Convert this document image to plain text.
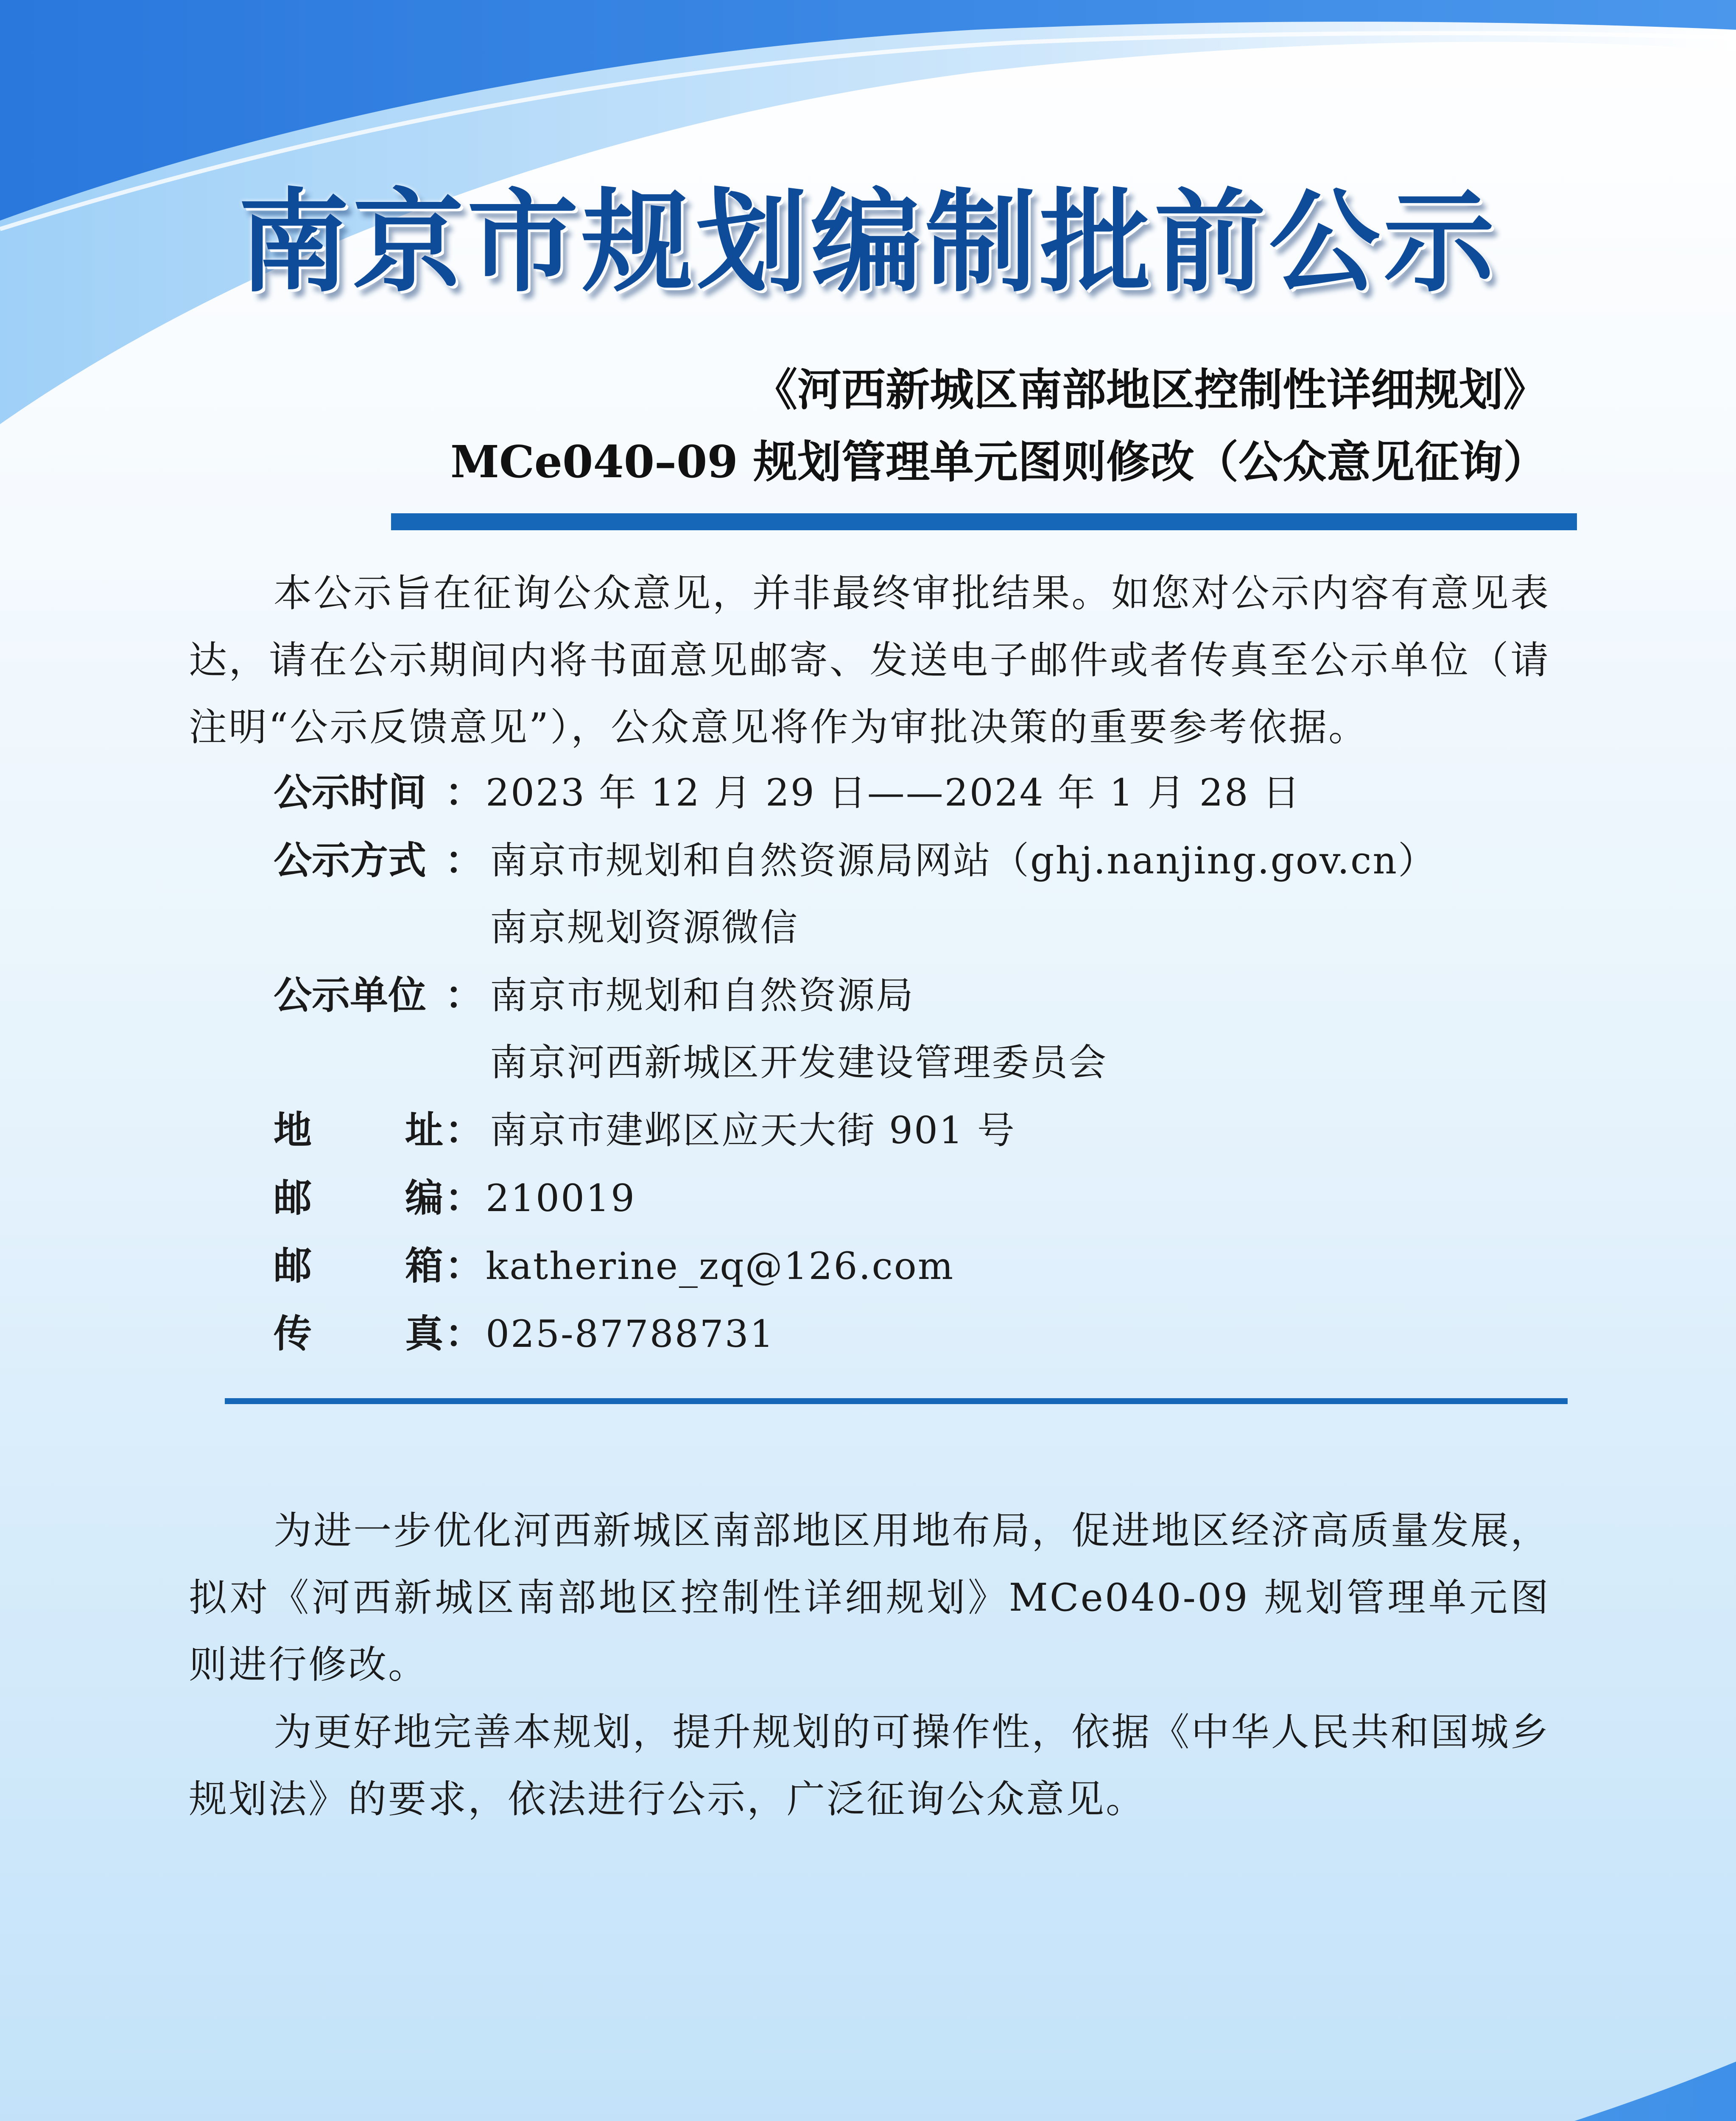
南京市规划编制批前公示
《河西新城区南部地区控制性详细规划》
MCe040–09 规划管理单元图则修改（公众意见征询）
本公示旨在征询公众意见，并非最终审批结果。如您对公示内容有意见表达，请在公示期间内将书面意见邮寄、发送电子邮件或者传真至公示单位（请注明“公示反馈意见”），公众意见将作为审批决策的重要参考依据。
公示时间 ： 2023 年 12 月 29 日——2024 年 1 月 28 日
公示方式 ： 南京市规划和自然资源局网站（ghj.nanjing.gov.cn）
南京规划资源微信
公示单位 ： 南京市规划和自然资源局
南京河西新城区开发建设管理委员会
地 址 ： 南京市建邺区应天大街 901 号
邮 编 ： 210019
邮 箱 ： katherine_zq@126.com
传 真 ： 025-87788731
为进一步优化河西新城区南部地区用地布局，促进地区经济高质量发展，拟对《河西新城区南部地区控制性详细规划》MCe040-09 规划管理单元图则进行修改。
为更好地完善本规划，提升规划的可操作性，依据《中华人民共和国城乡规划法》的要求，依法进行公示，广泛征询公众意见。
